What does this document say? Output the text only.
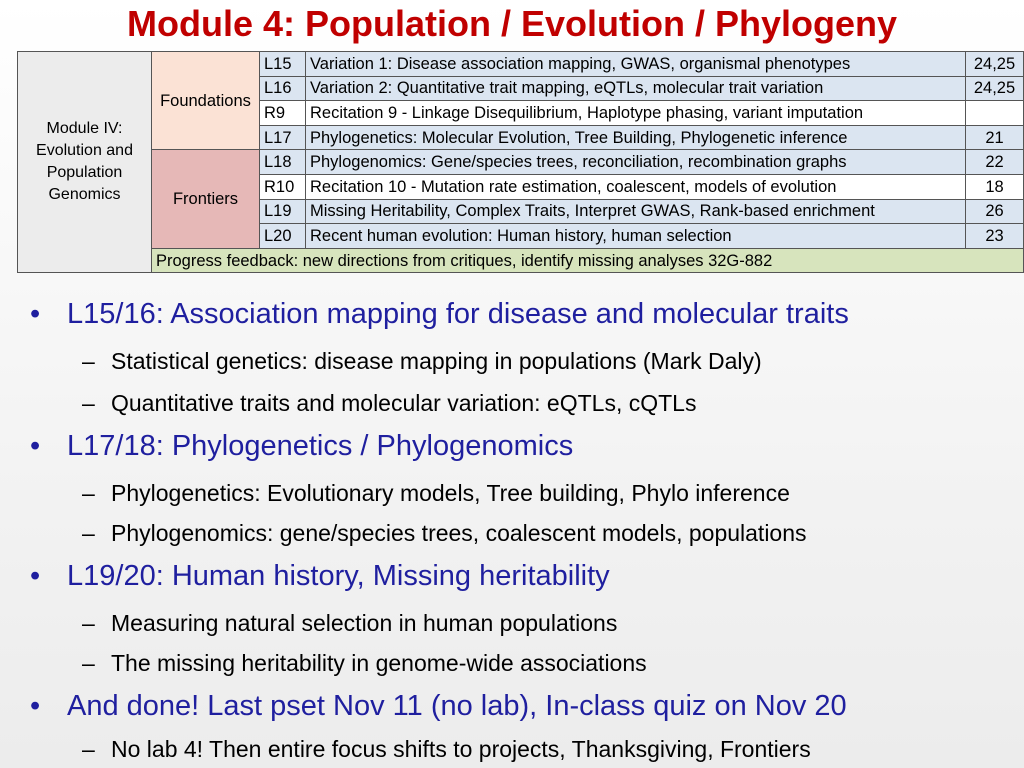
Module 4: Population / Evolution / Phylogeny
Module IV: Evolution and Population Genomics	Foundations	L15	Variation 1: Disease association mapping, GWAS, organismal phenotypes	24,25
		L16	Variation 2: Quantitative trait mapping, eQTLs, molecular trait variation	24,25
		R9	Recitation 9 - Linkage Disequilibrium, Haplotype phasing, variant imputation	
		L17	Phylogenetics: Molecular Evolution, Tree Building, Phylogenetic inference	21
	Frontiers	L18	Phylogenomics: Gene/species trees, reconciliation, recombination graphs	22
		R10	Recitation 10 - Mutation rate estimation, coalescent, models of evolution	18
		L19	Missing Heritability, Complex Traits, Interpret GWAS, Rank-based enrichment	26
		L20	Recent human evolution: Human history, human selection	23
	Progress feedback: new directions from critiques, identify missing analyses 32G-882			
• L15/16: Association mapping for disease and molecular traits
– Statistical genetics: disease mapping in populations (Mark Daly)
– Quantitative traits and molecular variation: eQTLs, cQTLs
• L17/18: Phylogenetics / Phylogenomics
– Phylogenetics: Evolutionary models, Tree building, Phylo inference
– Phylogenomics: gene/species trees, coalescent models, populations
• L19/20: Human history, Missing heritability
– Measuring natural selection in human populations
– The missing heritability in genome-wide associations
• And done! Last pset Nov 11 (no lab), In-class quiz on Nov 20
– No lab 4! Then entire focus shifts to projects, Thanksgiving, Frontiers
